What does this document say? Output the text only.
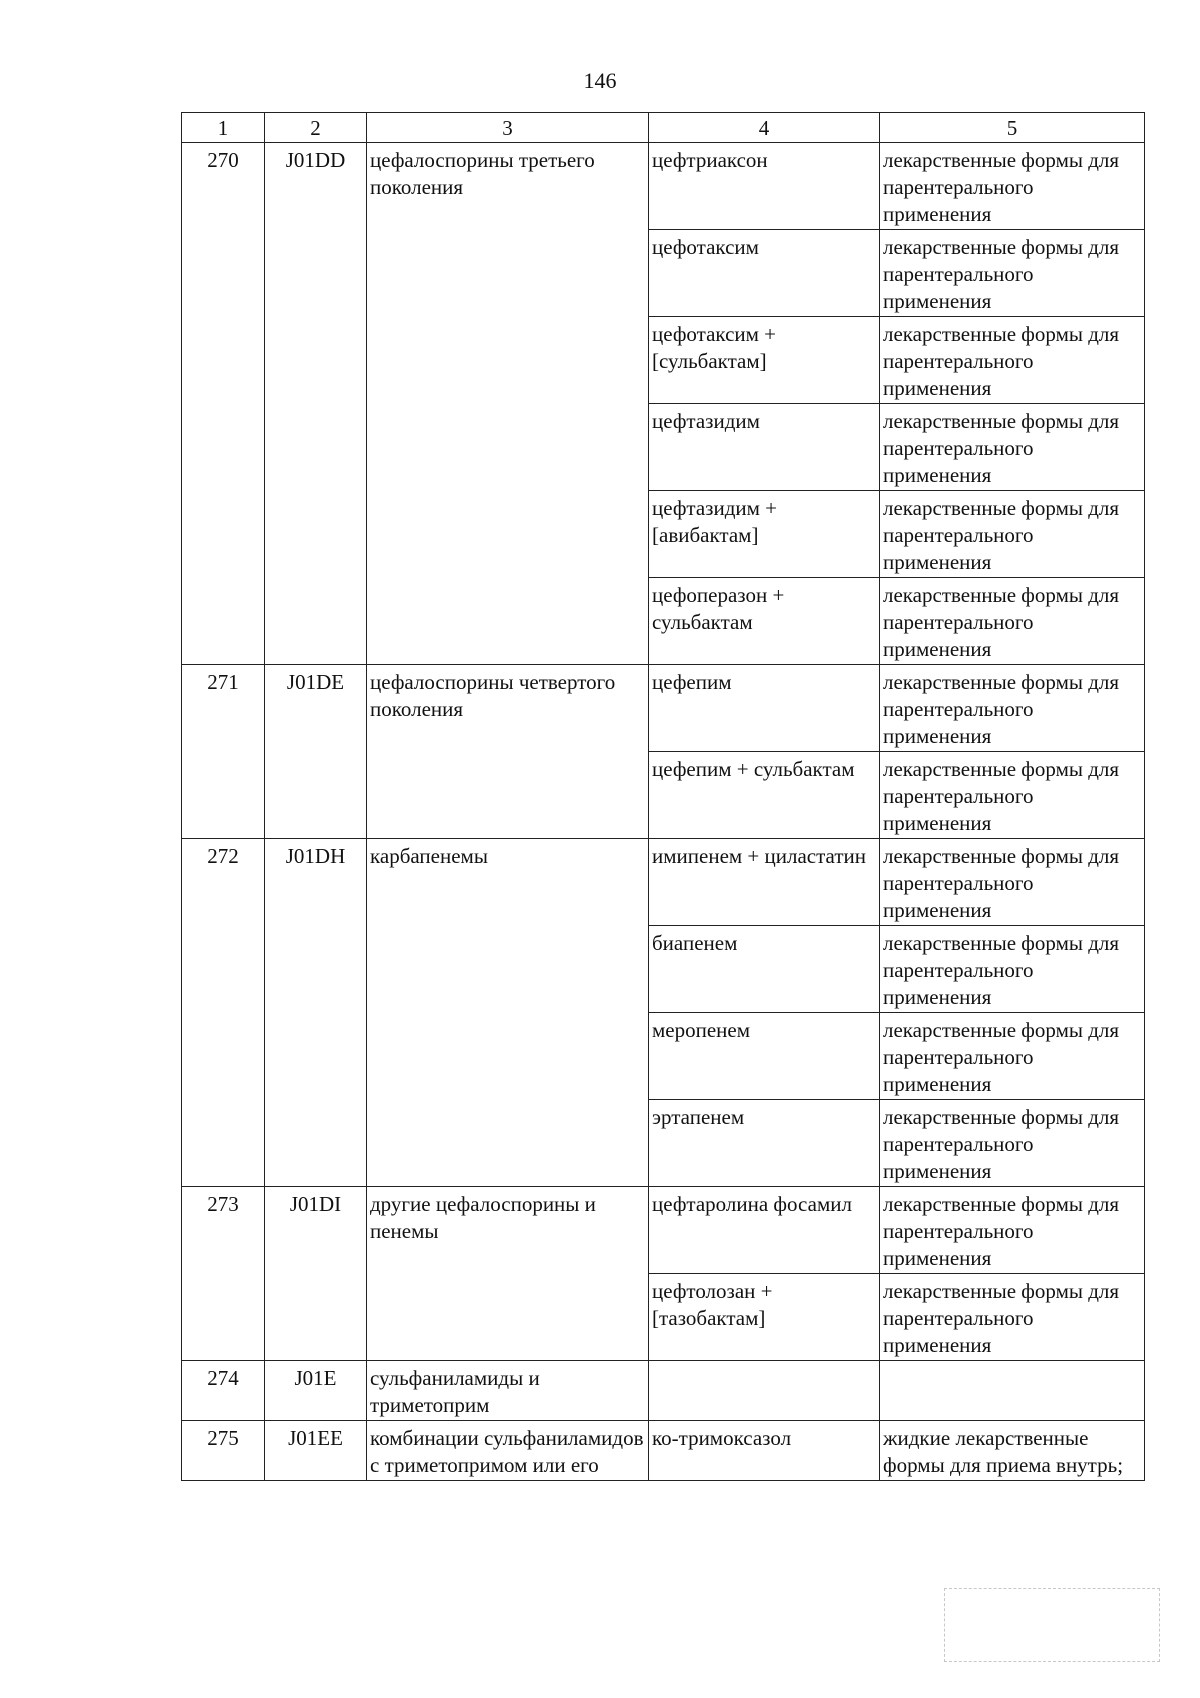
146
1	2	3	4	5
270	J01DD	цефалоспорины третьего поколения	цефтриаксон	лекарственные формы для парентерального применения
			цефотаксим	лекарственные формы для парентерального применения
			цефотаксим + [сульбактам]	лекарственные формы для парентерального применения
			цефтазидим	лекарственные формы для парентерального применения
			цефтазидим + [авибактам]	лекарственные формы для парентерального применения
			цефоперазон + сульбактам	лекарственные формы для парентерального применения
271	J01DE	цефалоспорины четвертого поколения	цефепим	лекарственные формы для парентерального применения
			цефепим + сульбактам	лекарственные формы для парентерального применения
272	J01DH	карбапенемы	имипенем + циластатин	лекарственные формы для парентерального применения
			биапенем	лекарственные формы для парентерального применения
			меропенем	лекарственные формы для парентерального применения
			эртапенем	лекарственные формы для парентерального применения
273	J01DI	другие цефалоспорины и пенемы	цефтаролина фосамил	лекарственные формы для парентерального применения
			цефтолозан + [тазобактам]	лекарственные формы для парентерального применения
274	J01E	сульфаниламиды и триметоприм		
275	J01EE	комбинации сульфаниламидов с триметопримом или его	ко-тримоксазол	жидкие лекарственные формы для приема внутрь;
